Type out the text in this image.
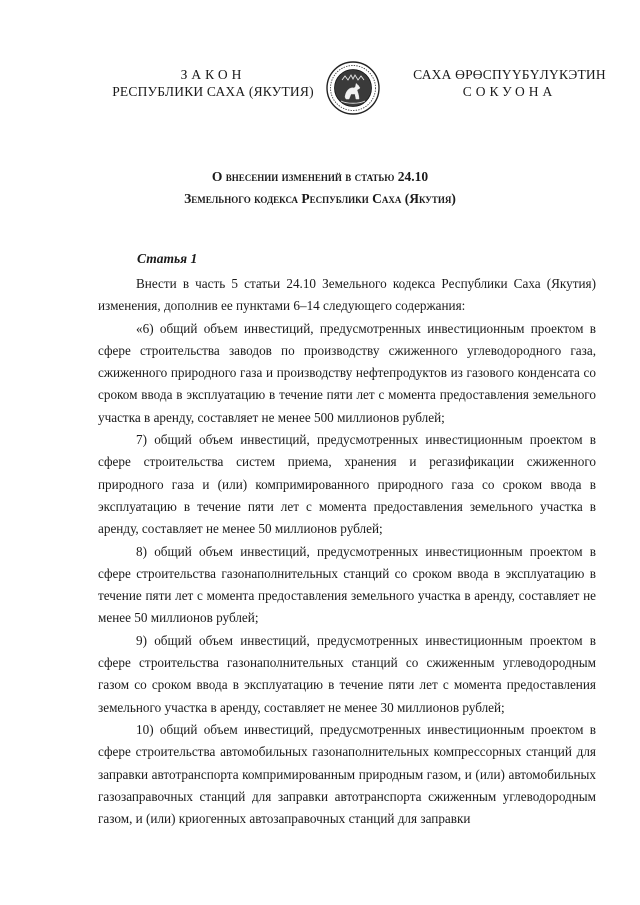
ЗАКОН
РЕСПУБЛИКИ САХА (ЯКУТИЯ)
САХА ӨРӨСПҮҮБҮЛҮКЭТИН
СОКУОНА
О внесении изменений в статью 24.10
Земельного кодекса Республики Саха (Якутия)
Статья 1

Внести в часть 5 статьи 24.10 Земельного кодекса Республики Саха (Якутия) изменения, дополнив ее пунктами 6–14 следующего содержания:

«6) общий объем инвестиций, предусмотренных инвестиционным проектом в сфере строительства заводов по производству сжиженного углеводородного газа, сжиженного природного газа и производству нефтепродуктов из газового конденсата со сроком ввода в эксплуатацию в течение пяти лет с момента предоставления земельного участка в аренду, составляет не менее 500 миллионов рублей;

7) общий объем инвестиций, предусмотренных инвестиционным проектом в сфере строительства систем приема, хранения и регазификации сжиженного природного газа и (или) компримированного природного газа со сроком ввода в эксплуатацию в течение пяти лет с момента предоставления земельного участка в аренду, составляет не менее 50 миллионов рублей;

8) общий объем инвестиций, предусмотренных инвестиционным проектом в сфере строительства газонаполнительных станций со сроком ввода в эксплуатацию в течение пяти лет с момента предоставления земельного участка в аренду, составляет не менее 50 миллионов рублей;

9) общий объем инвестиций, предусмотренных инвестиционным проектом в сфере строительства газонаполнительных станций со сжиженным углеводородным газом со сроком ввода в эксплуатацию в течение пяти лет с момента предоставления земельного участка в аренду, составляет не менее 30 миллионов рублей;

10) общий объем инвестиций, предусмотренных инвестиционным проектом в сфере строительства автомобильных газонаполнительных компрессорных станций для заправки автотранспорта компримированным природным газом, и (или) автомобильных газозаправочных станций для заправки автотранспорта сжиженным углеводородным газом, и (или) криогенных автозаправочных станций для заправки
